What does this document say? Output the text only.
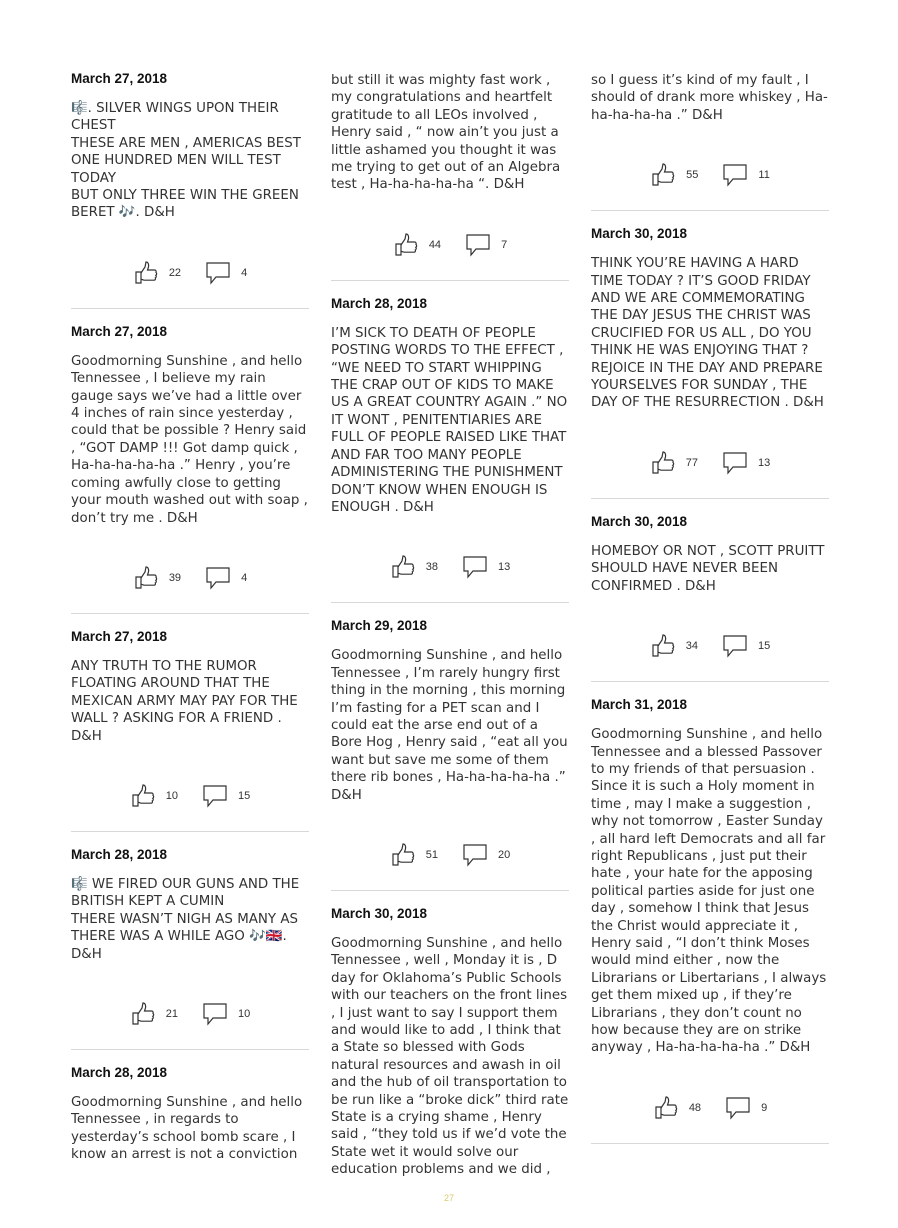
March 27, 2018
🎼. SILVER WINGS UPON THEIR CHEST
THESE ARE MEN , AMERICAS BEST ONE HUNDRED MEN WILL TEST TODAY
BUT ONLY THREE WIN THE GREEN BERET 🎶. D&H
22	4
March 27, 2018
Goodmorning Sunshine , and hello Tennessee , I believe my rain gauge says we’ve had a little over 4 inches of rain since yesterday , could that be possible ? Henry said , “GOT DAMP !!! Got damp quick , Ha-ha-ha-ha-ha .” Henry , you’re coming awfully close to getting your mouth washed out with soap , don’t try me . D&H
39	4
March 27, 2018
ANY TRUTH TO THE RUMOR FLOATING AROUND THAT THE MEXICAN ARMY MAY PAY FOR THE WALL ? ASKING FOR A FRIEND . D&H
10	15
March 28, 2018
🎼 WE FIRED OUR GUNS AND THE BRITISH KEPT A CUMIN
THERE WASN’T NIGH AS MANY AS THERE WAS A WHILE AGO 🎶🇬🇧. D&H
21	10
March 28, 2018
Goodmorning Sunshine , and hello Tennessee , in regards to yesterday’s school bomb scare , I know an arrest is not a conviction
but still it was mighty fast work , my congratulations and heartfelt gratitude to all LEOs involved , Henry said , “ now ain’t you just a little ashamed you thought it was me trying to get out of an Algebra test , Ha-ha-ha-ha-ha “. D&H
44	7
March 28, 2018
I’M SICK TO DEATH OF PEOPLE POSTING WORDS TO THE EFFECT , “WE NEED TO START WHIPPING THE CRAP OUT OF KIDS TO MAKE US A GREAT COUNTRY AGAIN .” NO IT WONT , PENITENTIARIES ARE FULL OF PEOPLE RAISED LIKE THAT AND FAR TOO MANY PEOPLE ADMINISTERING THE PUNISHMENT DON’T KNOW WHEN ENOUGH IS ENOUGH . D&H
38	13
March 29, 2018
Goodmorning Sunshine , and hello Tennessee , I’m rarely hungry first thing in the morning , this morning I’m fasting for a PET scan and I could eat the arse end out of a Bore Hog , Henry said , “eat all you want but save me some of them there rib bones , Ha-ha-ha-ha-ha .” D&H
51	20
March 30, 2018
Goodmorning Sunshine , and hello Tennessee , well , Monday it is , D day for Oklahoma’s Public Schools with our teachers on the front lines , I just want to say I support them and would like to add , I think that a State so blessed with Gods natural resources and awash in oil and the hub of oil transportation to be run like a “broke dick” third rate State is a crying shame , Henry said , “they told us if we’d vote the State wet it would solve our education problems and we did ,
so I guess it’s kind of my fault , I should of drank more whiskey , Ha-ha-ha-ha-ha .” D&H
55	11
March 30, 2018
THINK YOU’RE HAVING A HARD TIME TODAY ? IT’S GOOD FRIDAY AND WE ARE COMMEMORATING THE DAY JESUS THE CHRIST WAS CRUCIFIED FOR US ALL , DO YOU THINK HE WAS ENJOYING THAT ? REJOICE IN THE DAY AND PREPARE YOURSELVES FOR SUNDAY , THE DAY OF THE RESURRECTION . D&H
77	13
March 30, 2018
HOMEBOY OR NOT , SCOTT PRUITT SHOULD HAVE NEVER BEEN CONFIRMED . D&H
34	15
March 31, 2018
Goodmorning Sunshine , and hello Tennessee and a blessed Passover to my friends of that persuasion . Since it is such a Holy moment in time , may I make a suggestion , why not tomorrow , Easter Sunday , all hard left Democrats and all far right Republicans , just put their hate , your hate for the apposing political parties aside for just one day , somehow I think that Jesus the Christ would appreciate it , Henry said , “I don’t think Moses would mind either , now the Librarians or Libertarians , I always get them mixed up , if they’re Librarians , they don’t count no how because they are on strike anyway , Ha-ha-ha-ha-ha .” D&H
48	9
27
